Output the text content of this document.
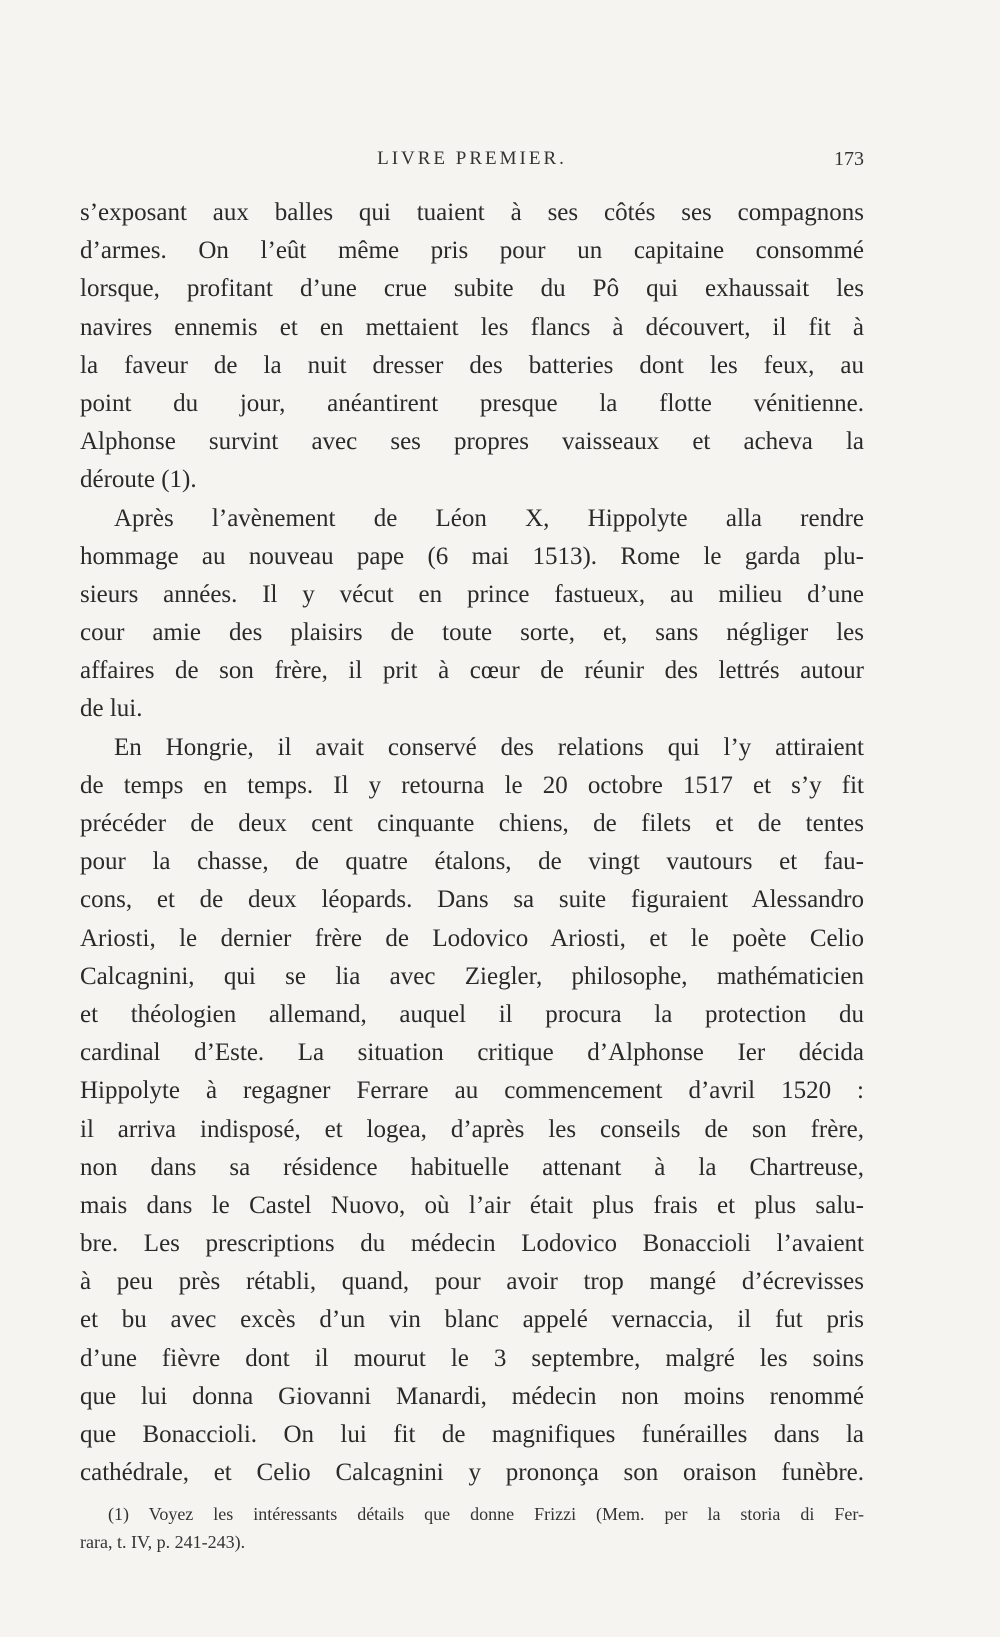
LIVRE PREMIER.	173
s’exposant aux balles qui tuaient à ses côtés ses compagnons
d’armes. On l’eût même pris pour un capitaine consommé
lorsque, profitant d’une crue subite du Pô qui exhaussait les
navires ennemis et en mettaient les flancs à découvert, il fit à
la faveur de la nuit dresser des batteries dont les feux, au
point du jour, anéantirent presque la flotte vénitienne.
Alphonse survint avec ses propres vaisseaux et acheva la
déroute (1).
Après l’avènement de Léon X, Hippolyte alla rendre
hommage au nouveau pape (6 mai 1513). Rome le garda plu-
sieurs années. Il y vécut en prince fastueux, au milieu d’une
cour amie des plaisirs de toute sorte, et, sans négliger les
affaires de son frère, il prit à cœur de réunir des lettrés autour
de lui.
En Hongrie, il avait conservé des relations qui l’y attiraient
de temps en temps. Il y retourna le 20 octobre 1517 et s’y fit
précéder de deux cent cinquante chiens, de filets et de tentes
pour la chasse, de quatre étalons, de vingt vautours et fau-
cons, et de deux léopards. Dans sa suite figuraient Alessandro
Ariosti, le dernier frère de Lodovico Ariosti, et le poète Celio
Calcagnini, qui se lia avec Ziegler, philosophe, mathématicien
et théologien allemand, auquel il procura la protection du
cardinal d’Este. La situation critique d’Alphonse Ier décida
Hippolyte à regagner Ferrare au commencement d’avril 1520 :
il arriva indisposé, et logea, d’après les conseils de son frère,
non dans sa résidence habituelle attenant à la Chartreuse,
mais dans le Castel Nuovo, où l’air était plus frais et plus salu-
bre. Les prescriptions du médecin Lodovico Bonaccioli l’avaient
à peu près rétabli, quand, pour avoir trop mangé d’écrevisses
et bu avec excès d’un vin blanc appelé vernaccia, il fut pris
d’une fièvre dont il mourut le 3 septembre, malgré les soins
que lui donna Giovanni Manardi, médecin non moins renommé
que Bonaccioli. On lui fit de magnifiques funérailles dans la
cathédrale, et Celio Calcagnini y prononça son oraison funèbre.
(1) Voyez les intéressants détails que donne Frizzi (Mem. per la storia di Fer-
rara, t. IV, p. 241-243).
